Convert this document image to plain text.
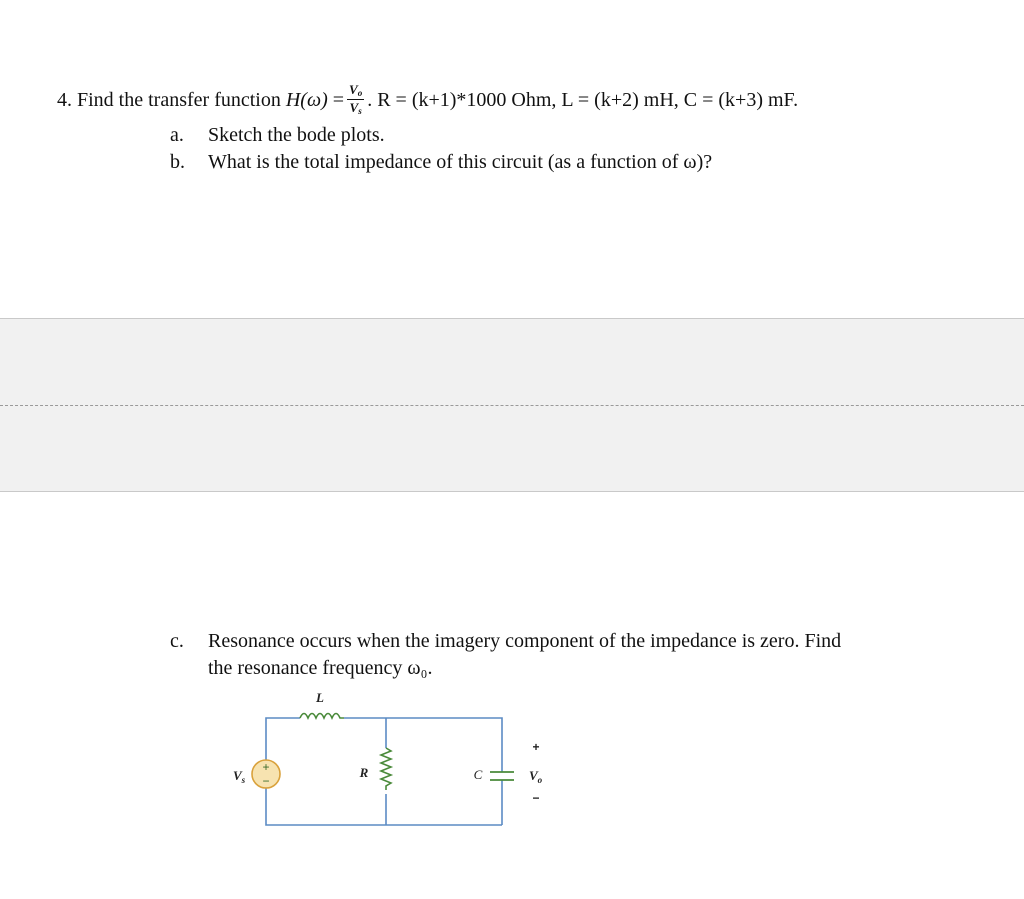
4.
Find the transfer function
H (ω)
= $\frac{V_o}{V_s}$ .
R = (k+1)*1000 Ohm, L = (k+2) mH, C = (k+3) mF.
a. Sketch the bode plots.
b. What is the total impedance of this circuit (as a function of ω)?
c. Resonance occurs when the imagery component of the impedance is zero. Find
the resonance frequency ω₀.
L
R	C
+
−
$V_s$
+
$V_o$
−
